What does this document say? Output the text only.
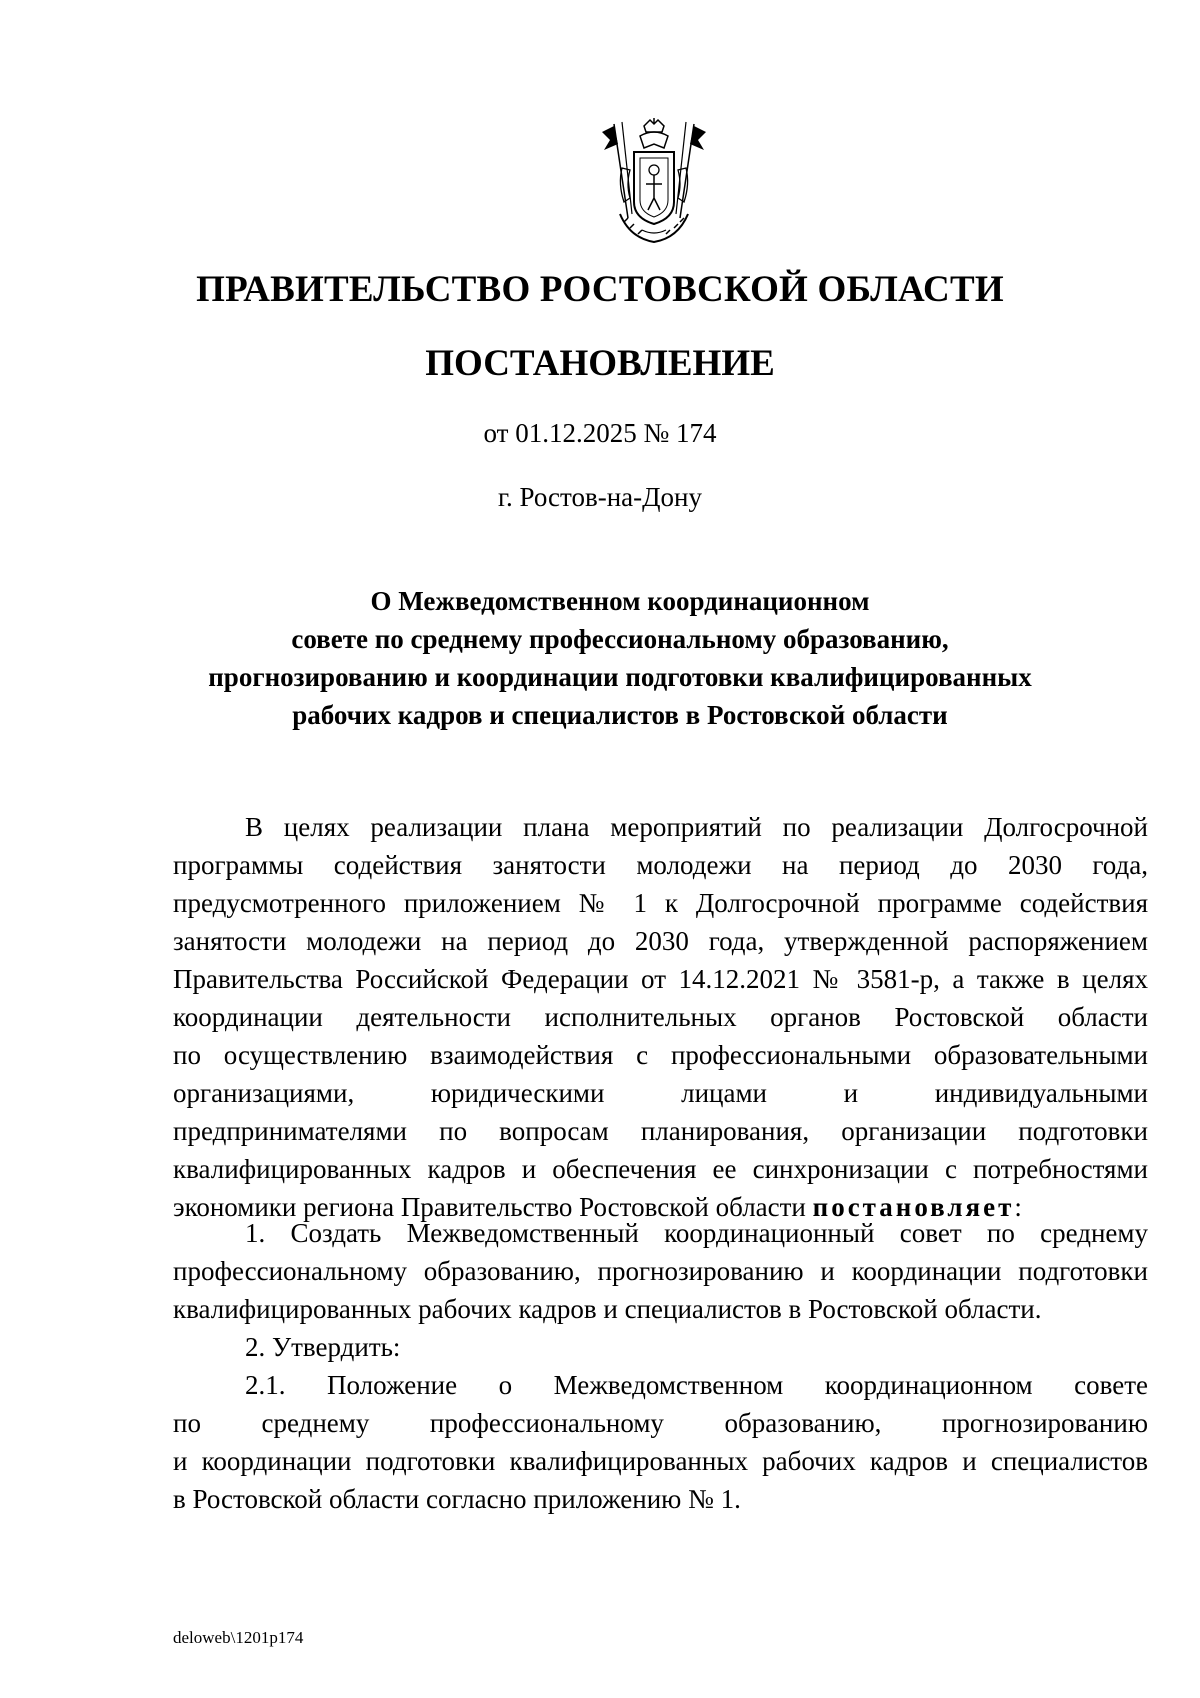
ПРАВИТЕЛЬСТВО РОСТОВСКОЙ ОБЛАСТИ
ПОСТАНОВЛЕНИЕ
от 01.12.2025 № 174
г. Ростов-на-Дону
О Межведомственном координационном
совете по среднему профессиональному образованию,
прогнозированию и координации подготовки квалифицированных
рабочих кадров и специалистов в Ростовской области
В целях реализации плана мероприятий по реализации Долгосрочной
программы содействия занятости молодежи на период до 2030 года,
предусмотренного приложением № 1 к Долгосрочной программе содействия
занятости молодежи на период до 2030 года, утвержденной распоряжением
Правительства Российской Федерации от 14.12.2021 № 3581-р, а также в целях
координации деятельности исполнительных органов Ростовской области
по осуществлению взаимодействия с профессиональными образовательными
организациями, юридическими лицами и индивидуальными
предпринимателями по вопросам планирования, организации подготовки
квалифицированных кадров и обеспечения ее синхронизации с потребностями
экономики региона Правительство Ростовской области постановляет:
1. Создать Межведомственный координационный совет по среднему
профессиональному образованию, прогнозированию и координации подготовки
квалифицированных рабочих кадров и специалистов в Ростовской области.
2. Утвердить:
2.1. Положение о Межведомственном координационном совете
по среднему профессиональному образованию, прогнозированию
и координации подготовки квалифицированных рабочих кадров и специалистов
в Ростовской области согласно приложению № 1.
deloweb\1201p174
